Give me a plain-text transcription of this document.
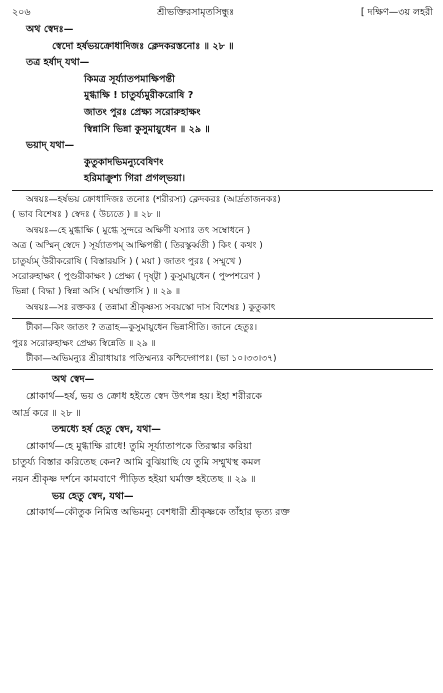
২০৬	শ্রীভক্তিরসামৃতসিন্ধুঃ	[ দক্ষিণ—৩য় লহরী
অথ স্বেদঃ—
স্বেদো হর্ষভয়ক্রোধাদিজঃ ক্লেদকরস্তনোঃ ॥ ২৮ ॥
তত্র হর্ষাদ্ যথা—
কিমত্র সূর্য্যাতপমাক্ষিপন্তী
মুগ্ধাক্ষি ! চাতুর্য্যমুরীকরোষি ?
জাতং পুরঃ প্রেক্ষ্য সরোরুহাক্ষং
স্বিন্নাসি ভিন্না কুসুমায়ুধেন ॥ ২৯ ॥
ভয়াদ্ যথা—
কুতুকাদভিমন্যুবেষিণং
হরিমাক্রুশ্য গিরা প্রগল্‌ভয়া।
অন্বয়ঃ—হর্ষভয় ক্রোধাদিজঃ তনোঃ (শরীরস্য) ক্লেদকরঃ (আর্দ্রতাজনকঃ)
( ভাব বিশেষঃ ) স্বেদঃ ( উচ্যতে ) ॥ ২৮ ॥
অন্বয়ঃ—হে মুগ্ধাক্ষি ( মুগ্ধে সুন্দরে অক্ষিণী যস্যাঃ তৎ সম্বোধনে )
অত্র ( অস্মিন্ স্বেদে ) সূর্য্যাতপম্ আক্ষিপন্তী ( তিরস্কুর্ব্বতী ) কিং ( কথং )
চাতুর্য্যম্ উরীকরোষি ( বিস্তারয়সি ) ( ময়া ) জাতং পুরঃ ( সম্মুখে )
সরোরুহাক্ষং ( পুণ্ডরীকাক্ষং ) প্রেক্ষ্য ( দৃষ্ট্বা ) কুসুমায়ুধেন ( পুষ্পশরেণ )
ভিন্না ( বিদ্ধা ) স্বিন্না অসি ( ঘর্ম্মাক্তাসি ) ॥ ২৯ ॥
অন্বয়ঃ—সঃ রক্তকঃ ( তন্নামা শ্রীকৃষ্ণস্য সবয়স্কো দাস বিশেষঃ ) কুতুকাৎ
টীকা—কিং জাতং ? তত্রাহ—কুসুমায়ুধেন ভিন্নাসীতি। জানে হেতুঃ।
পুরঃ সরোরুহাক্ষং প্রেক্ষ্য স্বিন্নেতি ॥ ২৯ ॥
টীকা—অভিমন্যুঃ শ্রীরাধায়াঃ পতিম্মন্যঃ কশ্চিদ্গোপঃ। (ভা ১০।৩৩।৩৭)
অথ স্বেদ—
শ্লোকার্থ—হর্ষ, ভয় ও ক্রোধ হইতে স্বেদ উৎপন্ন হয়। ইহা শরীরকে
আর্দ্র করে ॥ ২৮ ॥
তন্মধ্যে হর্ষ হেতু স্বেদ, যথা—
শ্লোকার্থ—হে মুগ্ধাক্ষি রাধে! তুমি সূর্য্যাতাপকে তিরস্কার করিয়া
চাতুর্য্য বিস্তার করিতেছ কেন? আমি বুঝিয়াছি যে তুমি সম্মুখস্থ কমল
নয়ন শ্রীকৃষ্ণ দর্শনে কামবাণে পীড়িত হইয়া ঘর্মাক্ত হইতেছ ॥ ২৯ ॥
ভয় হেতু স্বেদ, যথা—
শ্লোকার্থ—কৌতুক নিমিত্ত অভিমন্যু বেশধারী শ্রীকৃষ্ণকে তাঁহার ভৃত্য রক্ত
